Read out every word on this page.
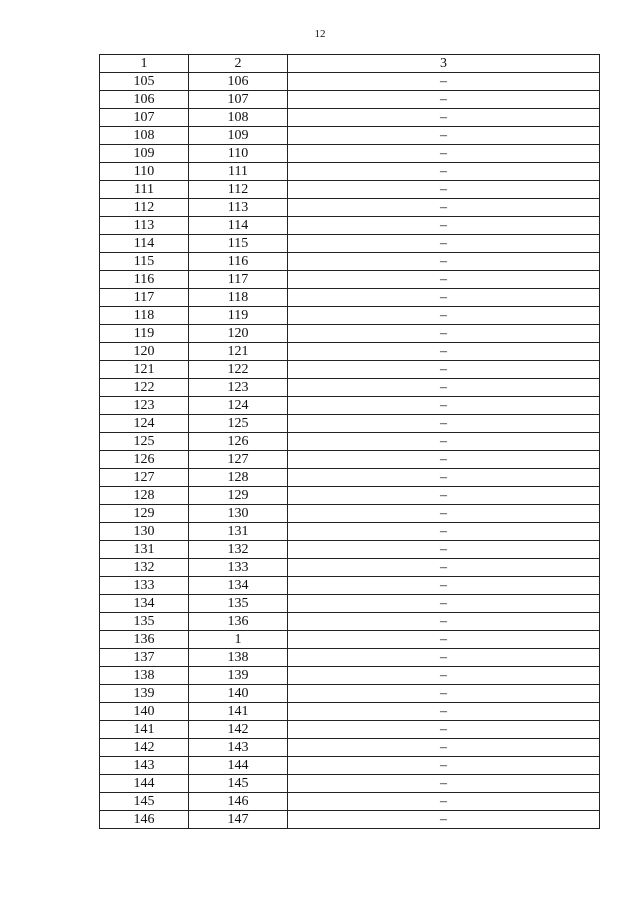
12
1	2	3
105	106	–
106	107	–
107	108	–
108	109	–
109	110	–
110	111	–
111	112	–
112	113	–
113	114	–
114	115	–
115	116	–
116	117	–
117	118	–
118	119	–
119	120	–
120	121	–
121	122	–
122	123	–
123	124	–
124	125	–
125	126	–
126	127	–
127	128	–
128	129	–
129	130	–
130	131	–
131	132	–
132	133	–
133	134	–
134	135	–
135	136	–
136	1	–
137	138	–
138	139	–
139	140	–
140	141	–
141	142	–
142	143	–
143	144	–
144	145	–
145	146	–
146	147	–
